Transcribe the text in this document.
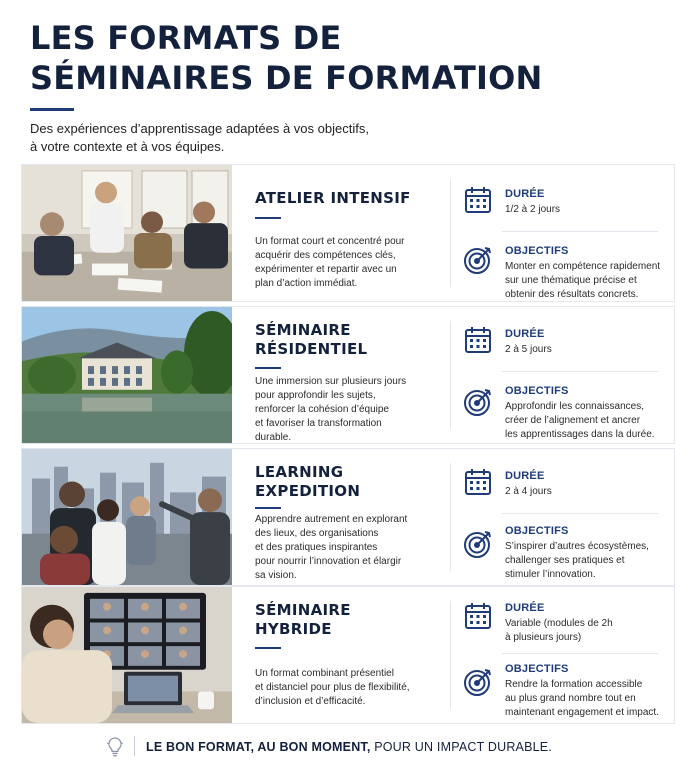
LES FORMATS DE
SÉMINAIRES DE FORMATION
Des expériences d’apprentissage adaptées à vos objectifs,
à votre contexte et à vos équipes.
ATELIER INTENSIF
Un format court et concentré pour
acquérir des compétences clés,
expérimenter et repartir avec un
plan d’action immédiat.
DURÉE
1/2 à 2 jours
OBJECTIFS
Monter en compétence rapidement
sur une thématique précise et
obtenir des résultats concrets.
SÉMINAIRE
RÉSIDENTIEL
Une immersion sur plusieurs jours
pour approfondir les sujets,
renforcer la cohésion d’équipe
et favoriser la transformation
durable.
DURÉE
2 à 5 jours
OBJECTIFS
Approfondir les connaissances,
créer de l’alignement et ancrer
les apprentissages dans la durée.
LEARNING
EXPEDITION
Apprendre autrement en explorant
des lieux, des organisations
et des pratiques inspirantes
pour nourrir l’innovation et élargir
sa vision.
DURÉE
2 à 4 jours
OBJECTIFS
S’inspirer d’autres écosystèmes,
challenger ses pratiques et
stimuler l’innovation.
SÉMINAIRE
HYBRIDE
Un format combinant présentiel
et distanciel pour plus de flexibilité,
d’inclusion et d’efficacité.
DURÉE
Variable (modules de 2h
à plusieurs jours)
OBJECTIFS
Rendre la formation accessible
au plus grand nombre tout en
maintenant engagement et impact.
LE BON FORMAT, AU BON MOMENT, POUR UN IMPACT DURABLE.
